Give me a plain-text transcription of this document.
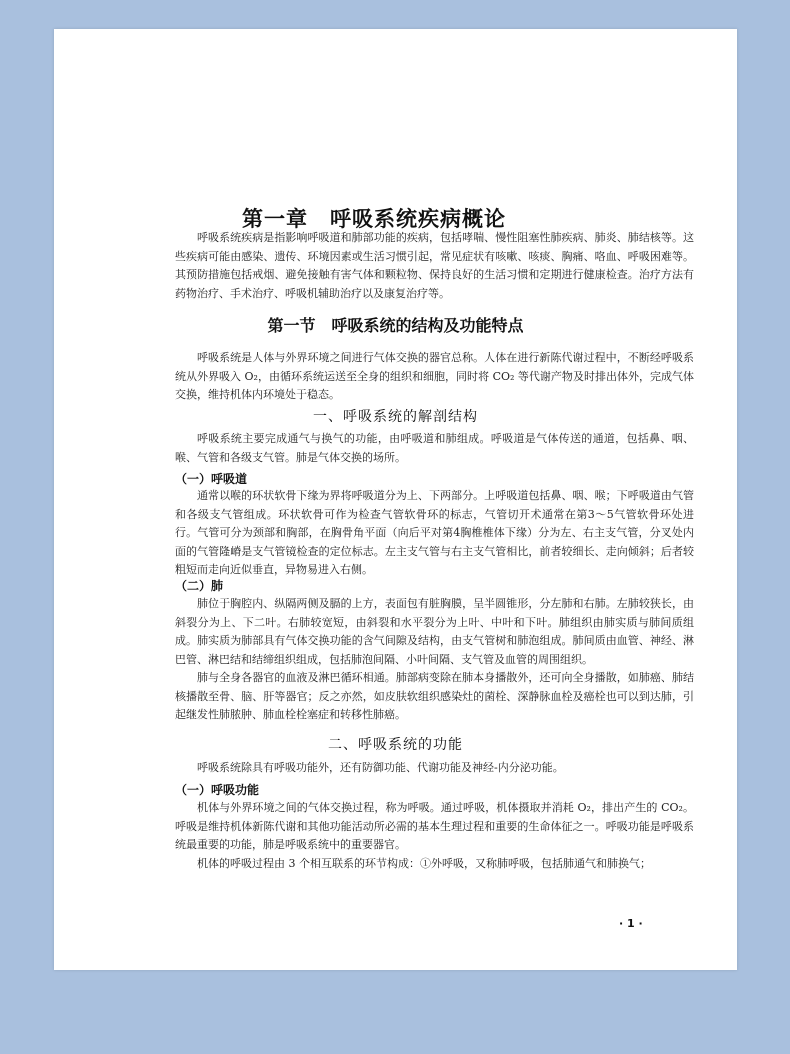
第一章　呼吸系统疾病概论

呼吸系统疾病是指影响呼吸道和肺部功能的疾病，包括哮喘、慢性阻塞性肺疾病、肺炎、肺结核等。这些疾病可能由感染、遗传、环境因素或生活习惯引起，常见症状有咳嗽、咳痰、胸痛、咯血、呼吸困难等。其预防措施包括戒烟、避免接触有害气体和颗粒物、保持良好的生活习惯和定期进行健康检查。治疗方法有药物治疗、手术治疗、呼吸机辅助治疗以及康复治疗等。

第一节　呼吸系统的结构及功能特点

呼吸系统是人体与外界环境之间进行气体交换的器官总称。人体在进行新陈代谢过程中，不断经呼吸系统从外界吸入 O₂，由循环系统运送至全身的组织和细胞，同时将 CO₂ 等代谢产物及时排出体外，完成气体交换，维持机体内环境处于稳态。

一、呼吸系统的解剖结构

呼吸系统主要完成通气与换气的功能，由呼吸道和肺组成。呼吸道是气体传送的通道，包括鼻、咽、喉、气管和各级支气管。肺是气体交换的场所。

（一）呼吸道

通常以喉的环状软骨下缘为界将呼吸道分为上、下两部分。上呼吸道包括鼻、咽、喉；下呼吸道由气管和各级支气管组成。环状软骨可作为检查气管软骨环的标志，气管切开术通常在第3～5气管软骨环处进行。气管可分为颈部和胸部，在胸骨角平面（向后平对第4胸椎椎体下缘）分为左、右主支气管，分叉处内面的气管隆嵴是支气管镜检查的定位标志。左主支气管与右主支气管相比，前者较细长、走向倾斜；后者较粗短而走向近似垂直，异物易进入右侧。

（二）肺

肺位于胸腔内、纵隔两侧及膈的上方，表面包有脏胸膜，呈半圆锥形，分左肺和右肺。左肺较狭长，由斜裂分为上、下二叶。右肺较宽短，由斜裂和水平裂分为上叶、中叶和下叶。肺组织由肺实质与肺间质组成。肺实质为肺部具有气体交换功能的含气间隙及结构，由支气管树和肺泡组成。肺间质由血管、神经、淋巴管、淋巴结和结缔组织组成，包括肺泡间隔、小叶间隔、支气管及血管的周围组织。

肺与全身各器官的血液及淋巴循环相通。肺部病变除在肺本身播散外，还可向全身播散，如肺癌、肺结核播散至骨、脑、肝等器官；反之亦然，如皮肤软组织感染灶的菌栓、深静脉血栓及癌栓也可以到达肺，引起继发性肺脓肿、肺血栓栓塞症和转移性肺癌。

二、呼吸系统的功能

呼吸系统除具有呼吸功能外，还有防御功能、代谢功能及神经-内分泌功能。

（一）呼吸功能

机体与外界环境之间的气体交换过程，称为呼吸。通过呼吸，机体摄取并消耗 O₂，排出产生的 CO₂。呼吸是维持机体新陈代谢和其他功能活动所必需的基本生理过程和重要的生命体征之一。呼吸功能是呼吸系统最重要的功能，肺是呼吸系统中的重要器官。

机体的呼吸过程由 3 个相互联系的环节构成：①外呼吸，又称肺呼吸，包括肺通气和肺换气；

· 1 ·
